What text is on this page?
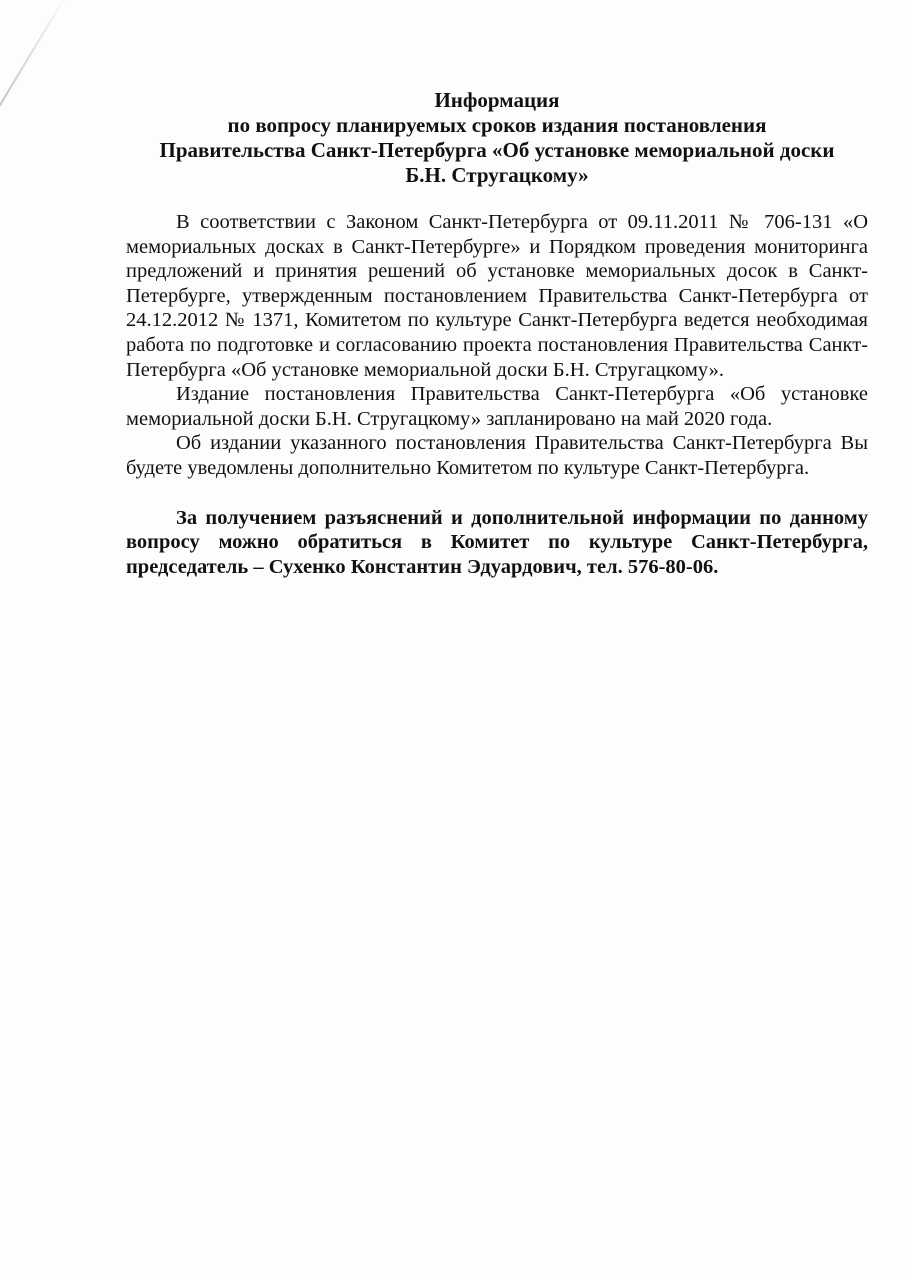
Информация
по вопросу планируемых сроков издания постановления
Правительства Санкт-Петербурга «Об установке мемориальной доски
Б.Н. Стругацкому»

В соответствии с Законом Санкт-Петербурга от 09.11.2011 № 706-131 «О мемориальных досках в Санкт-Петербурге» и Порядком проведения мониторинга предложений и принятия решений об установке мемориальных досок в Санкт-Петербурге, утвержденным постановлением Правительства Санкт-Петербурга от 24.12.2012 № 1371, Комитетом по культуре Санкт-Петербурга ведется необходимая работа по подготовке и согласованию проекта постановления Правительства Санкт-Петербурга «Об установке мемориальной доски Б.Н. Стругацкому».

Издание постановления Правительства Санкт-Петербурга «Об установке мемориальной доски Б.Н. Стругацкому» запланировано на май 2020 года.

Об издании указанного постановления Правительства Санкт-Петербурга Вы будете уведомлены дополнительно Комитетом по культуре Санкт-Петербурга.

За получением разъяснений и дополнительной информации по данному вопросу можно обратиться в Комитет по культуре Санкт-Петербурга, председатель – Сухенко Константин Эдуардович, тел. 576-80-06.
